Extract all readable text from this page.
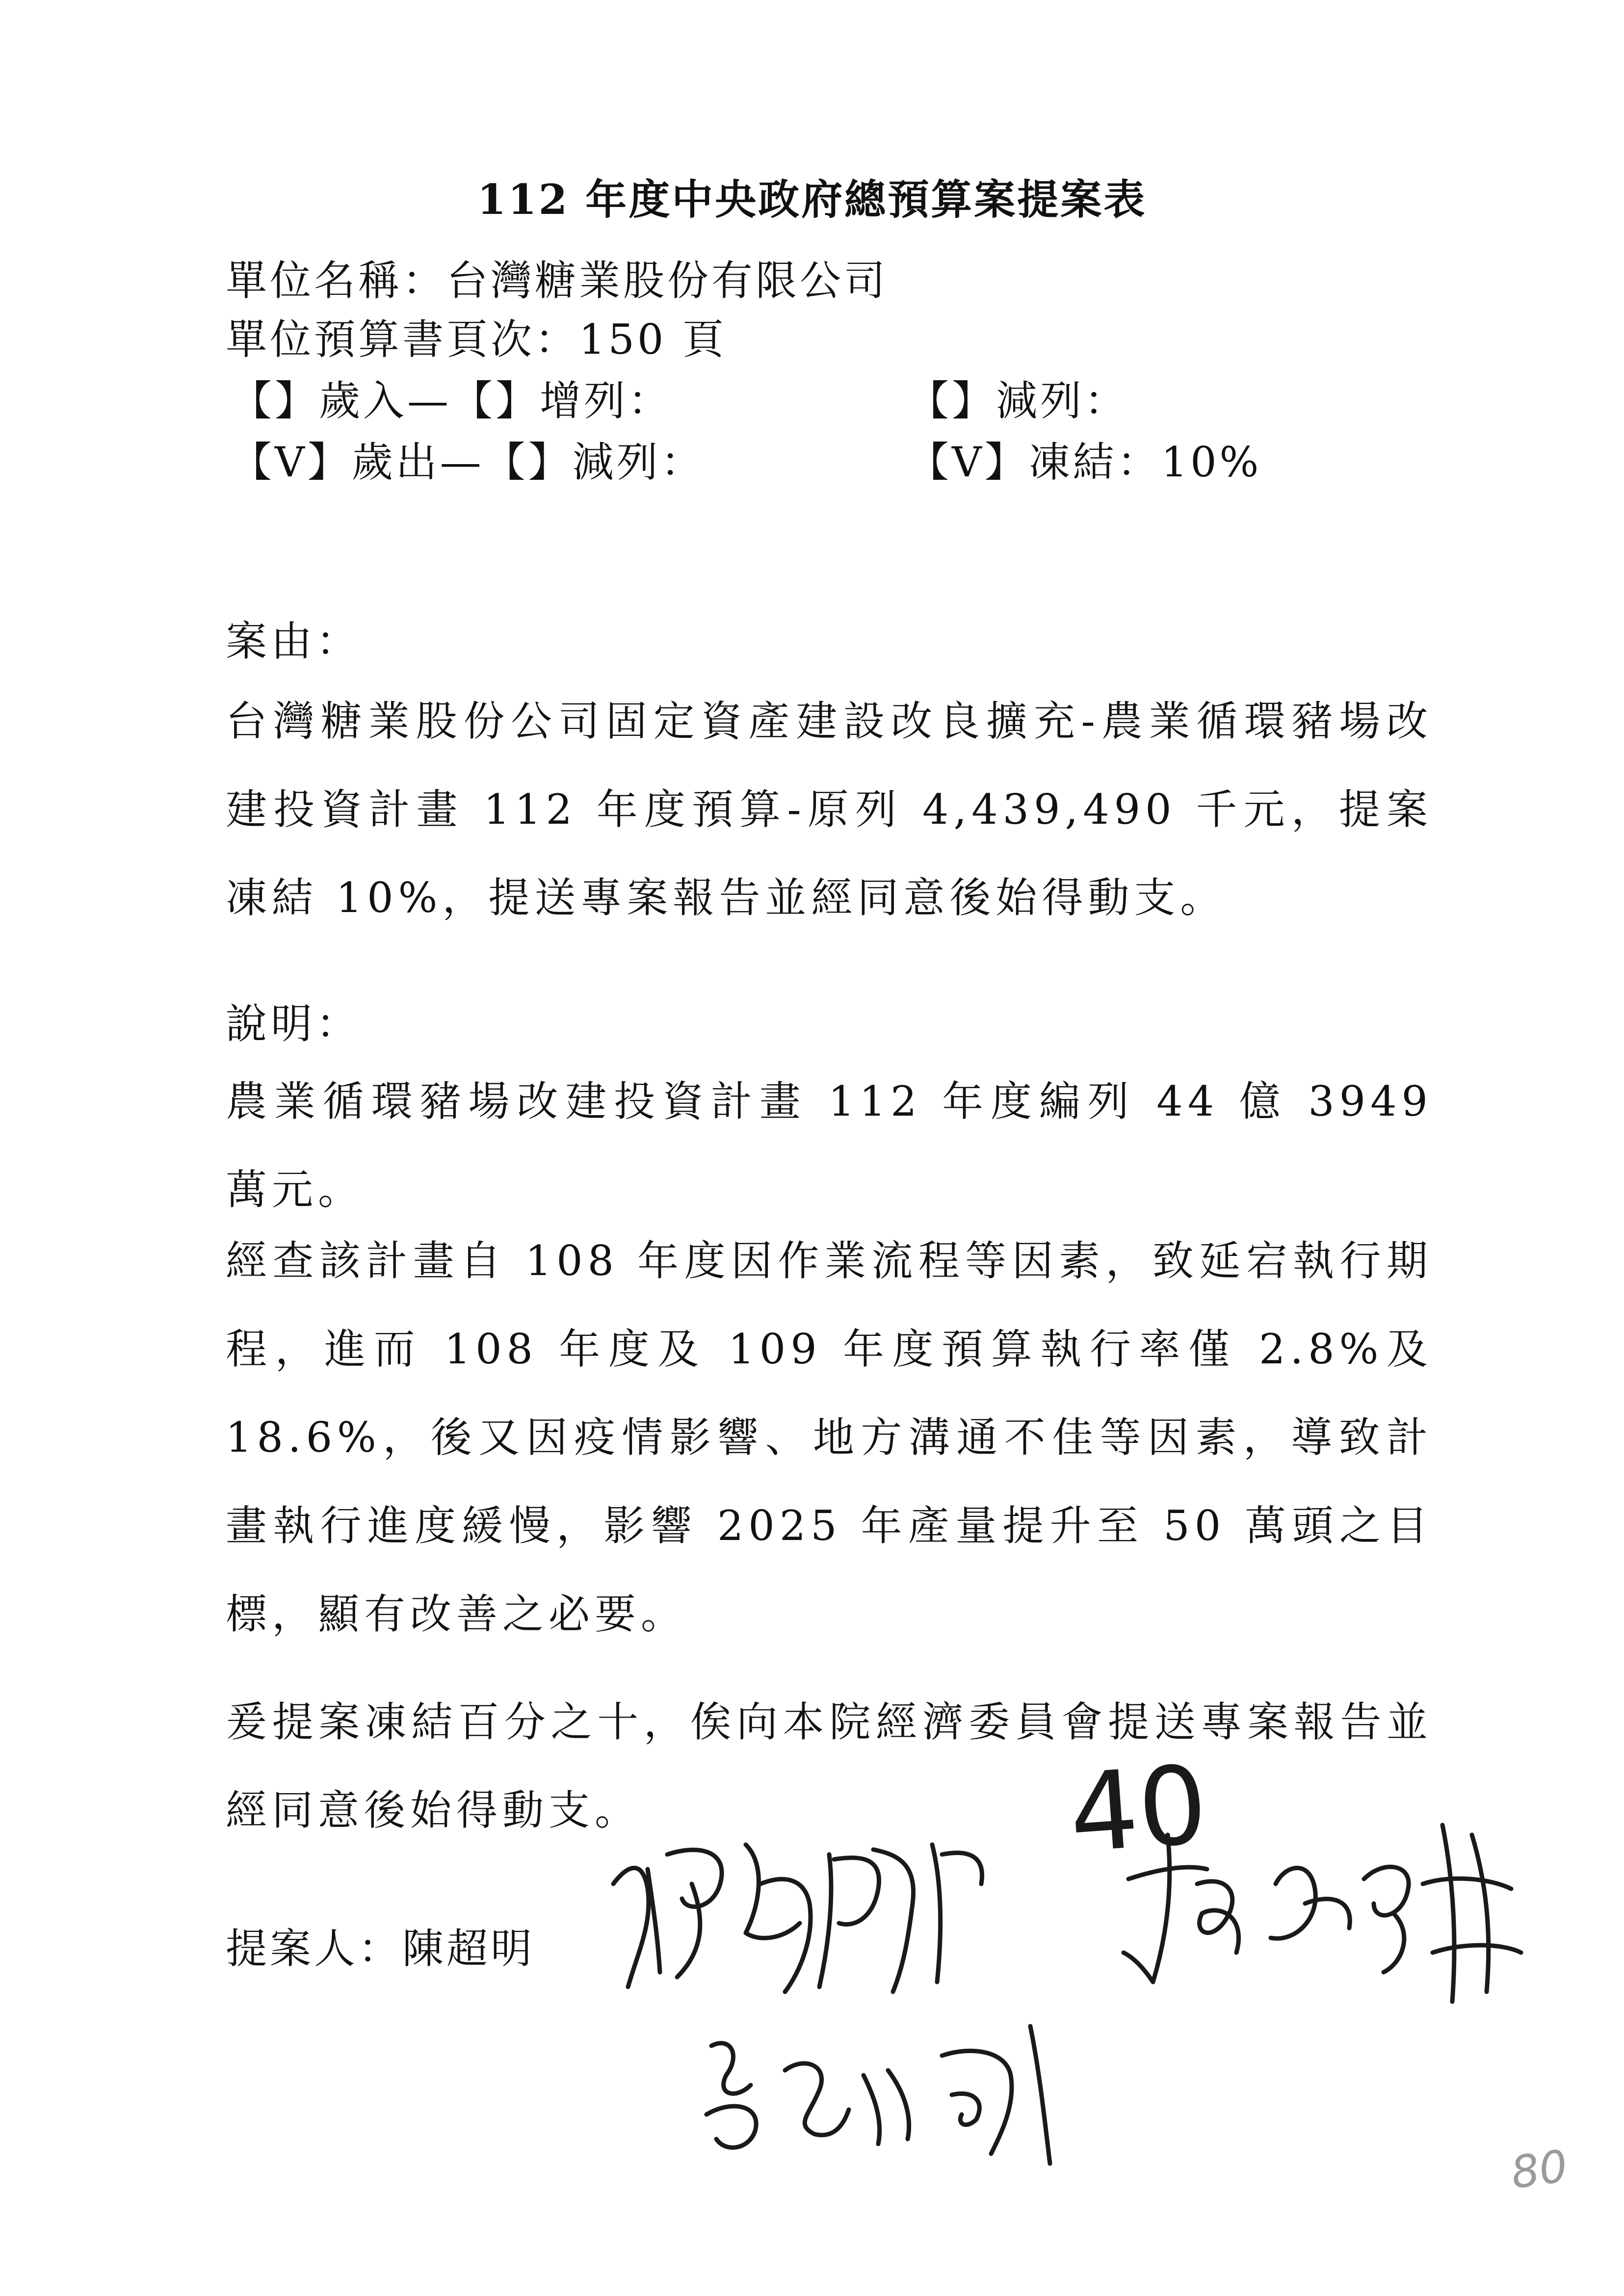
112 年度中央政府總預算案提案表
單位名稱：台灣糖業股份有限公司
單位預算書頁次：150 頁
【】歲入—【】增列：	【】減列：
【V】歲出—【】減列：	【V】凍結：10%
案由：
台灣糖業股份公司固定資產建設改良擴充-農業循環豬場改建投資計畫 112 年度預算-原列 4,439,490 千元，提案凍結 10%，提送專案報告並經同意後始得動支。
說明：
農業循環豬場改建投資計畫 112 年度編列 44 億 3949 萬元。
經查該計畫自 108 年度因作業流程等因素，致延宕執行期程，進而 108 年度及 109 年度預算執行率僅 2.8%及 18.6%，後又因疫情影響、地方溝通不佳等因素，導致計畫執行進度緩慢，影響 2025 年產量提升至 50 萬頭之目標，顯有改善之必要。
爰提案凍結百分之十，俟向本院經濟委員會提送專案報告並經同意後始得動支。
提案人：陳超明
40
80
